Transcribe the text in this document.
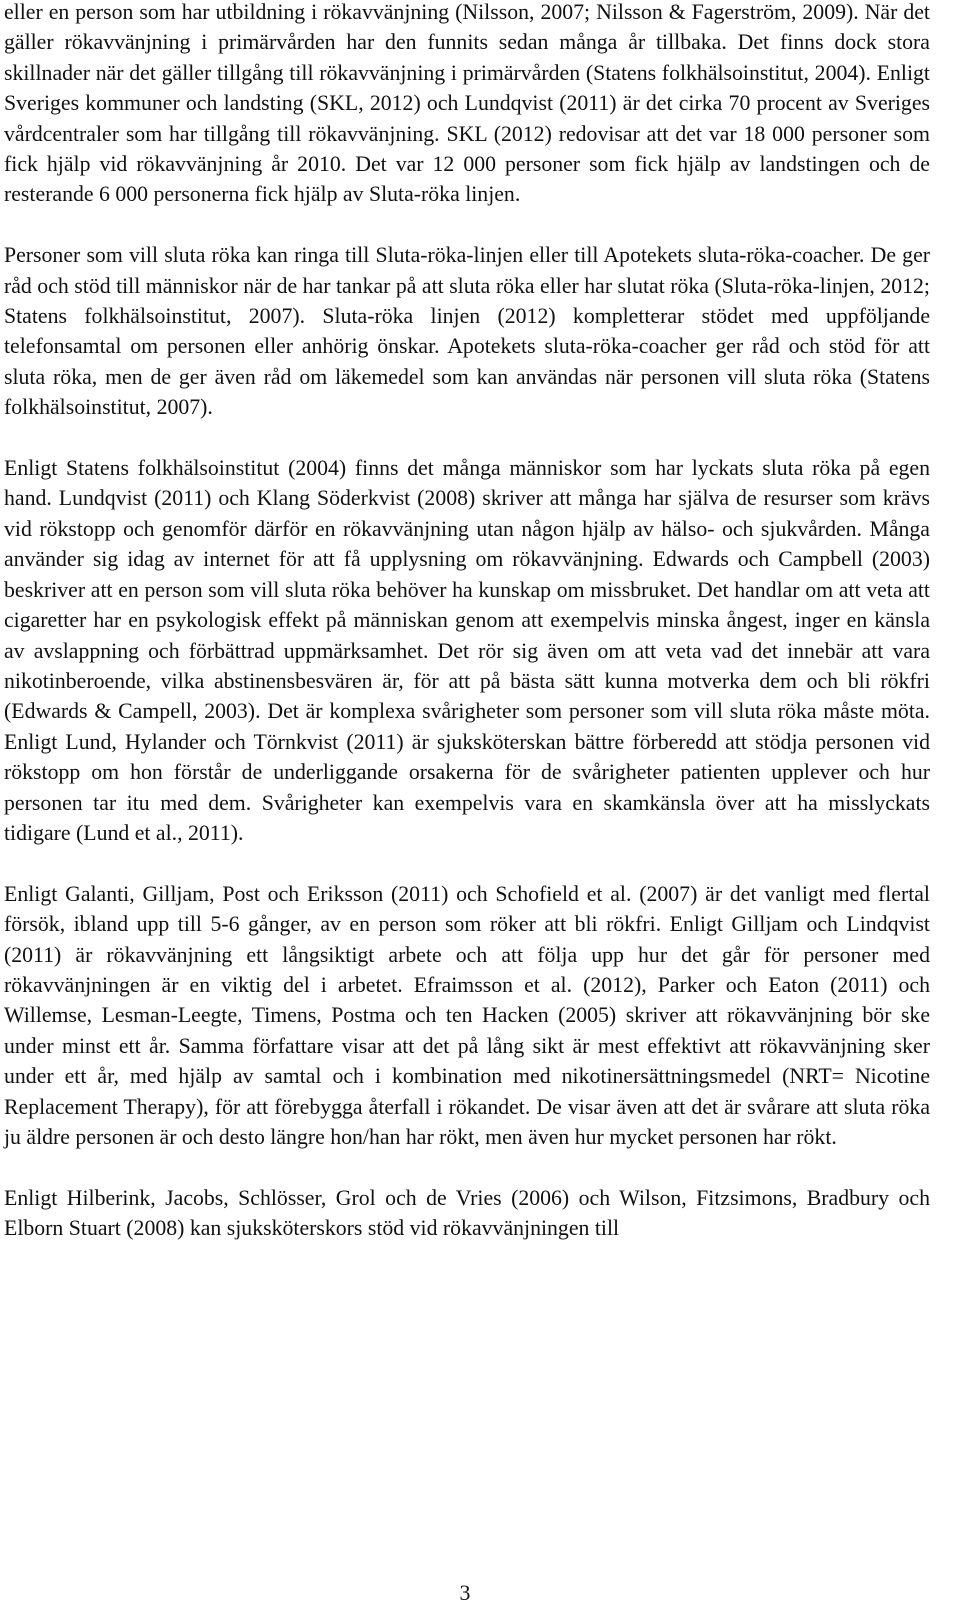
eller en person som har utbildning i rökavvänjning (Nilsson, 2007; Nilsson & Fagerström, 2009). När det gäller rökavvänjning i primärvården har den funnits sedan många år tillbaka. Det finns dock stora skillnader när det gäller tillgång till rökavvänjning i primärvården (Statens folkhälsoinstitut, 2004). Enligt Sveriges kommuner och landsting (SKL, 2012) och Lundqvist (2011) är det cirka 70 procent av Sveriges vårdcentraler som har tillgång till rökavvänjning. SKL (2012) redovisar att det var 18 000 personer som fick hjälp vid rökavvänjning år 2010. Det var 12 000 personer som fick hjälp av landstingen och de resterande 6 000 personerna fick hjälp av Sluta-röka linjen.

Personer som vill sluta röka kan ringa till Sluta-röka-linjen eller till Apotekets sluta-röka-coacher. De ger råd och stöd till människor när de har tankar på att sluta röka eller har slutat röka (Sluta-röka-linjen, 2012; Statens folkhälsoinstitut, 2007). Sluta-röka linjen (2012) kompletterar stödet med uppföljande telefonsamtal om personen eller anhörig önskar. Apotekets sluta-röka-coacher ger råd och stöd för att sluta röka, men de ger även råd om läkemedel som kan användas när personen vill sluta röka (Statens folkhälsoinstitut, 2007).

Enligt Statens folkhälsoinstitut (2004) finns det många människor som har lyckats sluta röka på egen hand. Lundqvist (2011) och Klang Söderkvist (2008) skriver att många har själva de resurser som krävs vid rökstopp och genomför därför en rökavvänjning utan någon hjälp av hälso- och sjukvården. Många använder sig idag av internet för att få upplysning om rökavvänjning. Edwards och Campbell (2003) beskriver att en person som vill sluta röka behöver ha kunskap om missbruket. Det handlar om att veta att cigaretter har en psykologisk effekt på människan genom att exempelvis minska ångest, inger en känsla av avslappning och förbättrad uppmärksamhet. Det rör sig även om att veta vad det innebär att vara nikotinberoende, vilka abstinensbesvären är, för att på bästa sätt kunna motverka dem och bli rökfri (Edwards & Campell, 2003). Det är komplexa svårigheter som personer som vill sluta röka måste möta. Enligt Lund, Hylander och Törnkvist (2011) är sjuksköterskan bättre förberedd att stödja personen vid rökstopp om hon förstår de underliggande orsakerna för de svårigheter patienten upplever och hur personen tar itu med dem. Svårigheter kan exempelvis vara en skamkänsla över att ha misslyckats tidigare (Lund et al., 2011).

Enligt Galanti, Gilljam, Post och Eriksson (2011) och Schofield et al. (2007) är det vanligt med flertal försök, ibland upp till 5-6 gånger, av en person som röker att bli rökfri. Enligt Gilljam och Lindqvist (2011) är rökavvänjning ett långsiktigt arbete och att följa upp hur det går för personer med rökavvänjningen är en viktig del i arbetet. Efraimsson et al. (2012), Parker och Eaton (2011) och Willemse, Lesman-Leegte, Timens, Postma och ten Hacken (2005) skriver att rökavvänjning bör ske under minst ett år. Samma författare visar att det på lång sikt är mest effektivt att rökavvänjning sker under ett år, med hjälp av samtal och i kombination med nikotinersättningsmedel (NRT= Nicotine Replacement Therapy), för att förebygga återfall i rökandet. De visar även att det är svårare att sluta röka ju äldre personen är och desto längre hon/han har rökt, men även hur mycket personen har rökt.

Enligt Hilberink, Jacobs, Schlösser, Grol och de Vries (2006) och Wilson, Fitzsimons, Bradbury och Elborn Stuart (2008) kan sjuksköterskors stöd vid rökavvänjningen till

3
